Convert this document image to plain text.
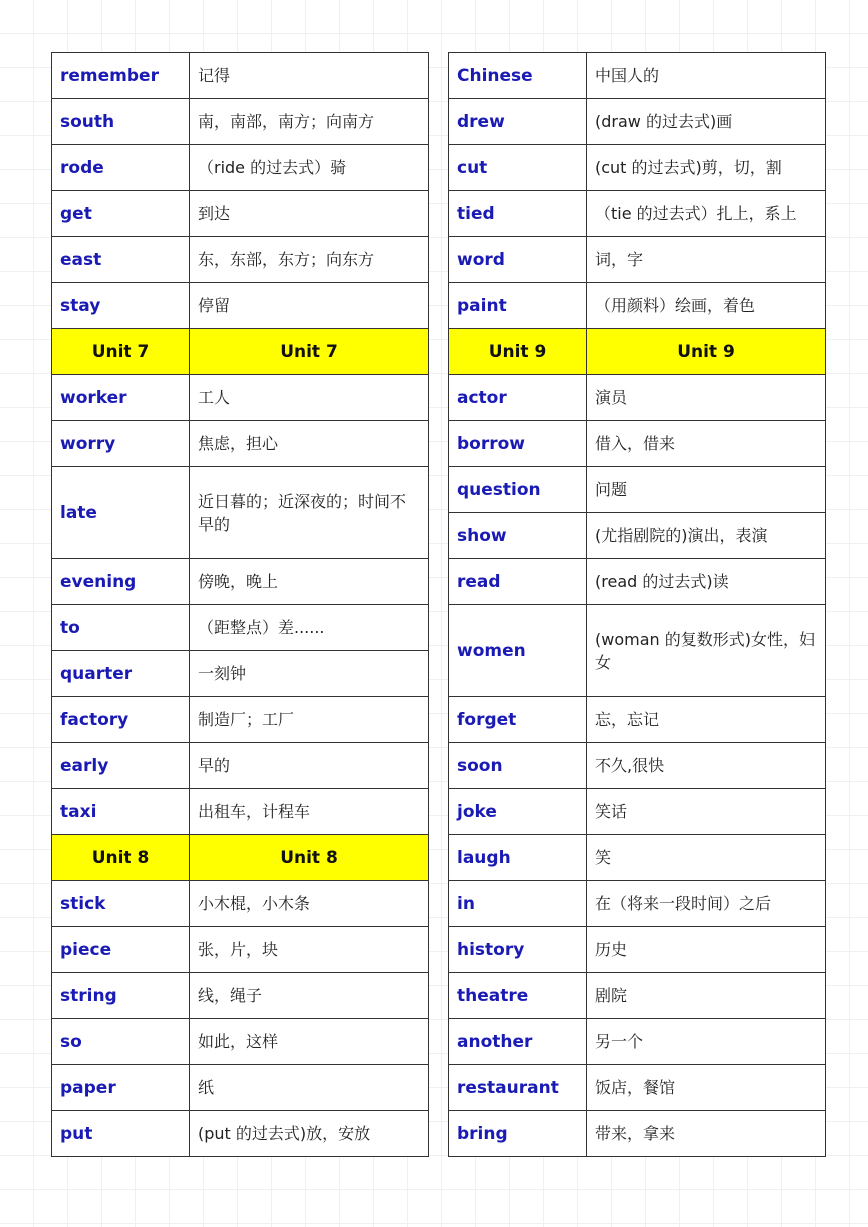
remember	记得
south	南，南部，南方；向南方
rode	（ride 的过去式）骑
get	到达
east	东，东部，东方；向东方
stay	停留
Unit 7	Unit 7
worker	工人
worry	焦虑，担心
late	近日暮的；近深夜的；时间不早的
evening	傍晚，晚上
to	（距整点）差......
quarter	一刻钟
factory	制造厂；工厂
early	早的
taxi	出租车，计程车
Unit 8	Unit 8
stick	小木棍，小木条
piece	张，片，块
string	线，绳子
so	如此，这样
paper	纸
put	(put 的过去式)放，安放
Chinese	中国人的
drew	(draw 的过去式)画
cut	(cut 的过去式)剪，切，割
tied	（tie 的过去式）扎上，系上
word	词，字
paint	（用颜料）绘画，着色
Unit 9	Unit 9
actor	演员
borrow	借入，借来
question	问题
show	(尤指剧院的)演出，表演
read	(read 的过去式)读
women	(woman 的复数形式)女性，妇女
forget	忘，忘记
soon	不久,很快
joke	笑话
laugh	笑
in	在（将来一段时间）之后
history	历史
theatre	剧院
another	另一个
restaurant	饭店，餐馆
bring	带来，拿来
